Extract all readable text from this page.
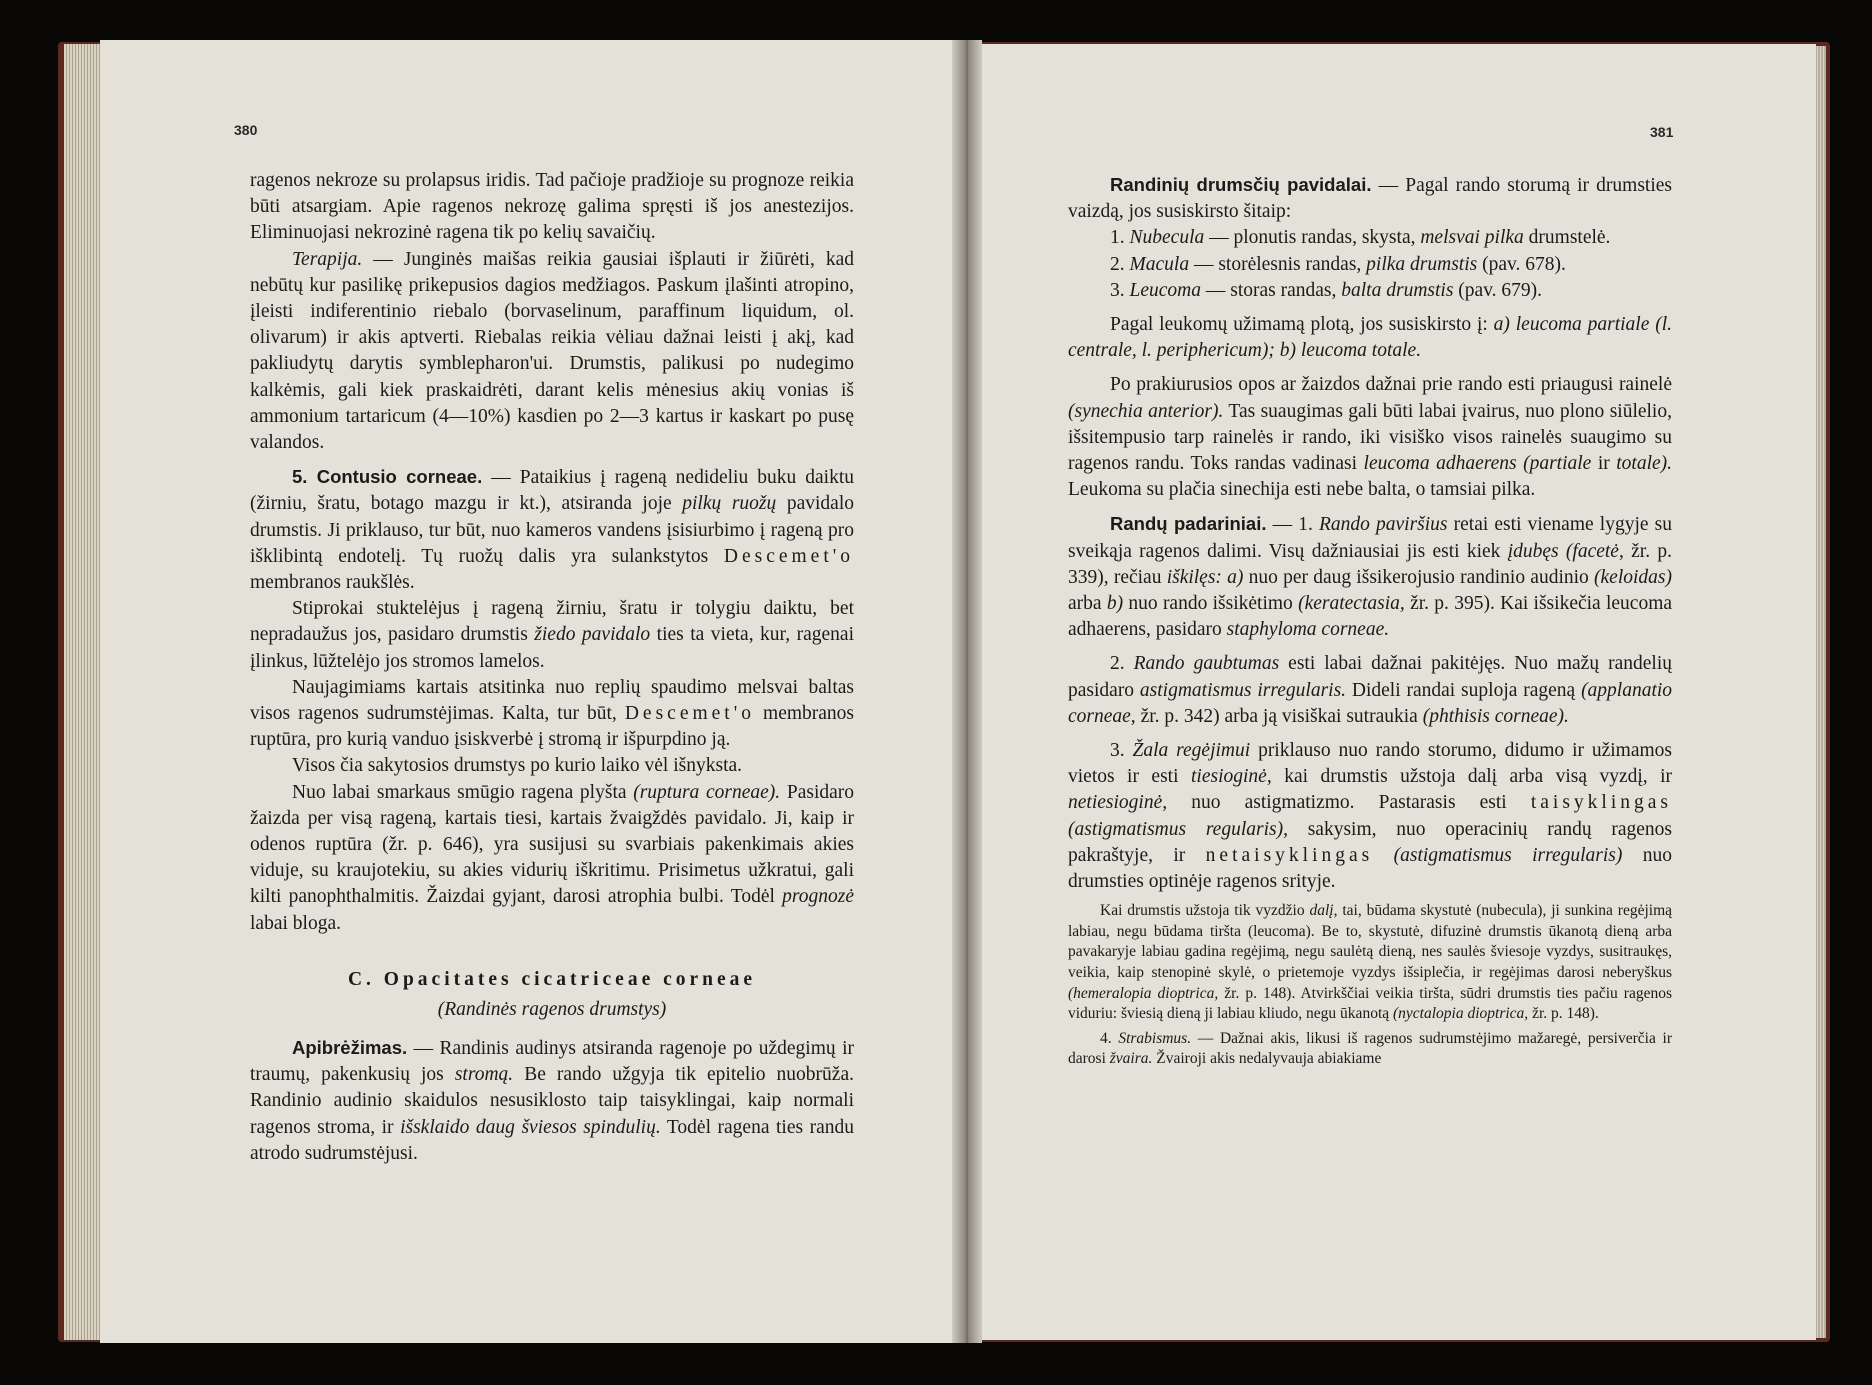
380

ragenos nekroze su prolapsus iridis. Tad pačioje pradžioje su prognoze reikia būti atsargiam. Apie ragenos nekrozę galima spręsti iš jos anestezijos. Eliminuojasi nekrozinė ragena tik po kelių savaičių.

Terapija. — Junginės maišas reikia gausiai išplauti ir žiūrėti, kad nebūtų kur pasilikę prikepusios dagios medžiagos. Paskum įlašinti atropino, įleisti indiferentinio riebalo (borvaselinum, paraffinum liquidum, ol. olivarum) ir akis aptverti. Riebalas reikia vėliau dažnai leisti į akį, kad pakliudytų darytis symblepharon'ui. Drumstis, palikusi po nudegimo kalkėmis, gali kiek praskaidrėti, darant kelis mėnesius akių vonias iš ammonium tartaricum (4—10%) kasdien po 2—3 kartus ir kaskart po pusę valandos.

5. Contusio corneae. — Pataikius į rageną nedideliu buku daiktu (žirniu, šratu, botago mazgu ir kt.), atsiranda joje pilkų ruožų pavidalo drumstis. Ji priklauso, tur būt, nuo kameros vandens įsisiurbimo į rageną pro išklibintą endotelį. Tų ruožų dalis yra sulankstytos Descemet'o membranos raukšlės.

Stiprokai stuktelėjus į rageną žirniu, šratu ir tolygiu daiktu, bet nepradaužus jos, pasidaro drumstis žiedo pavidalo ties ta vieta, kur, ragenai įlinkus, lūžtelėjo jos stromos lamelos.

Naujagimiams kartais atsitinka nuo replių spaudimo melsvai baltas visos ragenos sudrumstėjimas. Kalta, tur būt, Descemet'o membranos ruptūra, pro kurią vanduo įsiskverbė į stromą ir išpurpdino ją.

Visos čia sakytosios drumstys po kurio laiko vėl išnyksta.

Nuo labai smarkaus smūgio ragena plyšta (ruptura corneae). Pasidaro žaizda per visą rageną, kartais tiesi, kartais žvaigždės pavidalo. Ji, kaip ir odenos ruptūra (žr. p. 646), yra susijusi su svarbiais pakenkimais akies viduje, su kraujotekiu, su akies vidurių iškritimu. Prisimetus užkratui, gali kilti panophthalmitis. Žaizdai gyjant, darosi atrophia bulbi. Todėl prognozė labai bloga.

C. Opacitates cicatriceae corneae
(Randinės ragenos drumstys)

Apibrėžimas. — Randinis audinys atsiranda ragenoje po uždegimų ir traumų, pakenkusių jos stromą. Be rando užgyja tik epitelio nuobrūža. Randinio audinio skaidulos nesusiklosto taip taisyklingai, kaip normali ragenos stroma, ir išsklaido daug šviesos spindulių. Todėl ragena ties randu atrodo sudrumstėjusi.

381

Randinių drumsčių pavidalai. — Pagal rando storumą ir drumsties vaizdą, jos susiskirsto šitaip:

1. Nubecula — plonutis randas, skysta, melsvai pilka drumstelė.

2. Macula — storėlesnis randas, pilka drumstis (pav. 678).

3. Leucoma — storas randas, balta drumstis (pav. 679).

Pagal leukomų užimamą plotą, jos susiskirsto į: a) leucoma partiale (l. centrale, l. periphericum); b) leucoma totale.

Po prakiurusios opos ar žaizdos dažnai prie rando esti priaugusi rainelė (synechia anterior). Tas suaugimas gali būti labai įvairus, nuo plono siūlelio, išsitempusio tarp rainelės ir rando, iki visiško visos rainelės suaugimo su ragenos randu. Toks randas vadinasi leucoma adhaerens (partiale ir totale). Leukoma su plačia sinechija esti nebe balta, o tamsiai pilka.

Randų padariniai. — 1. Rando paviršius retai esti viename lygyje su sveikąja ragenos dalimi. Visų dažniausiai jis esti kiek įdubęs (facetė, žr. p. 339), rečiau iškilęs: a) nuo per daug išsikerojusio randinio audinio (keloidas) arba b) nuo rando išsikėtimo (keratectasia, žr. p. 395). Kai išsikečia leucoma adhaerens, pasidaro staphyloma corneae.

2. Rando gaubtumas esti labai dažnai pakitėjęs. Nuo mažų randelių pasidaro astigmatismus irregularis. Dideli randai suploja rageną (applanatio corneae, žr. p. 342) arba ją visiškai sutraukia (phthisis corneae).

3. Žala regėjimui priklauso nuo rando storumo, didumo ir užimamos vietos ir esti tiesioginė, kai drumstis užstoja dalį arba visą vyzdį, ir netiesioginė, nuo astigmatizmo. Pastarasis esti taisyklingas (astigmatismus regularis), sakysim, nuo operacinių randų ragenos pakraštyje, ir netaisyklingas (astigmatismus irregularis) nuo drumsties optinėje ragenos srityje.

Kai drumstis užstoja tik vyzdžio dalį, tai, būdama skystutė (nubecula), ji sunkina regėjimą labiau, negu būdama tiršta (leucoma). Be to, skystutė, difuzinė drumstis ūkanotą dieną arba pavakaryje labiau gadina regėjimą, negu saulėtą dieną, nes saulės šviesoje vyzdys, susitraukęs, veikia, kaip stenopinė skylė, o prietemoje vyzdys išsiplečia, ir regėjimas darosi neberyškus (hemeralopia dioptrica, žr. p. 148). Atvirkščiai veikia tiršta, sūdri drumstis ties pačiu ragenos viduriu: šviesią dieną ji labiau kliudo, negu ūkanotą (nyctalopia dioptrica, žr. p. 148).

4. Strabismus. — Dažnai akis, likusi iš ragenos sudrumstėjimo mažaregė, persiverčia ir darosi žvaira. Žvairoji akis nedalyvauja abiakiame
